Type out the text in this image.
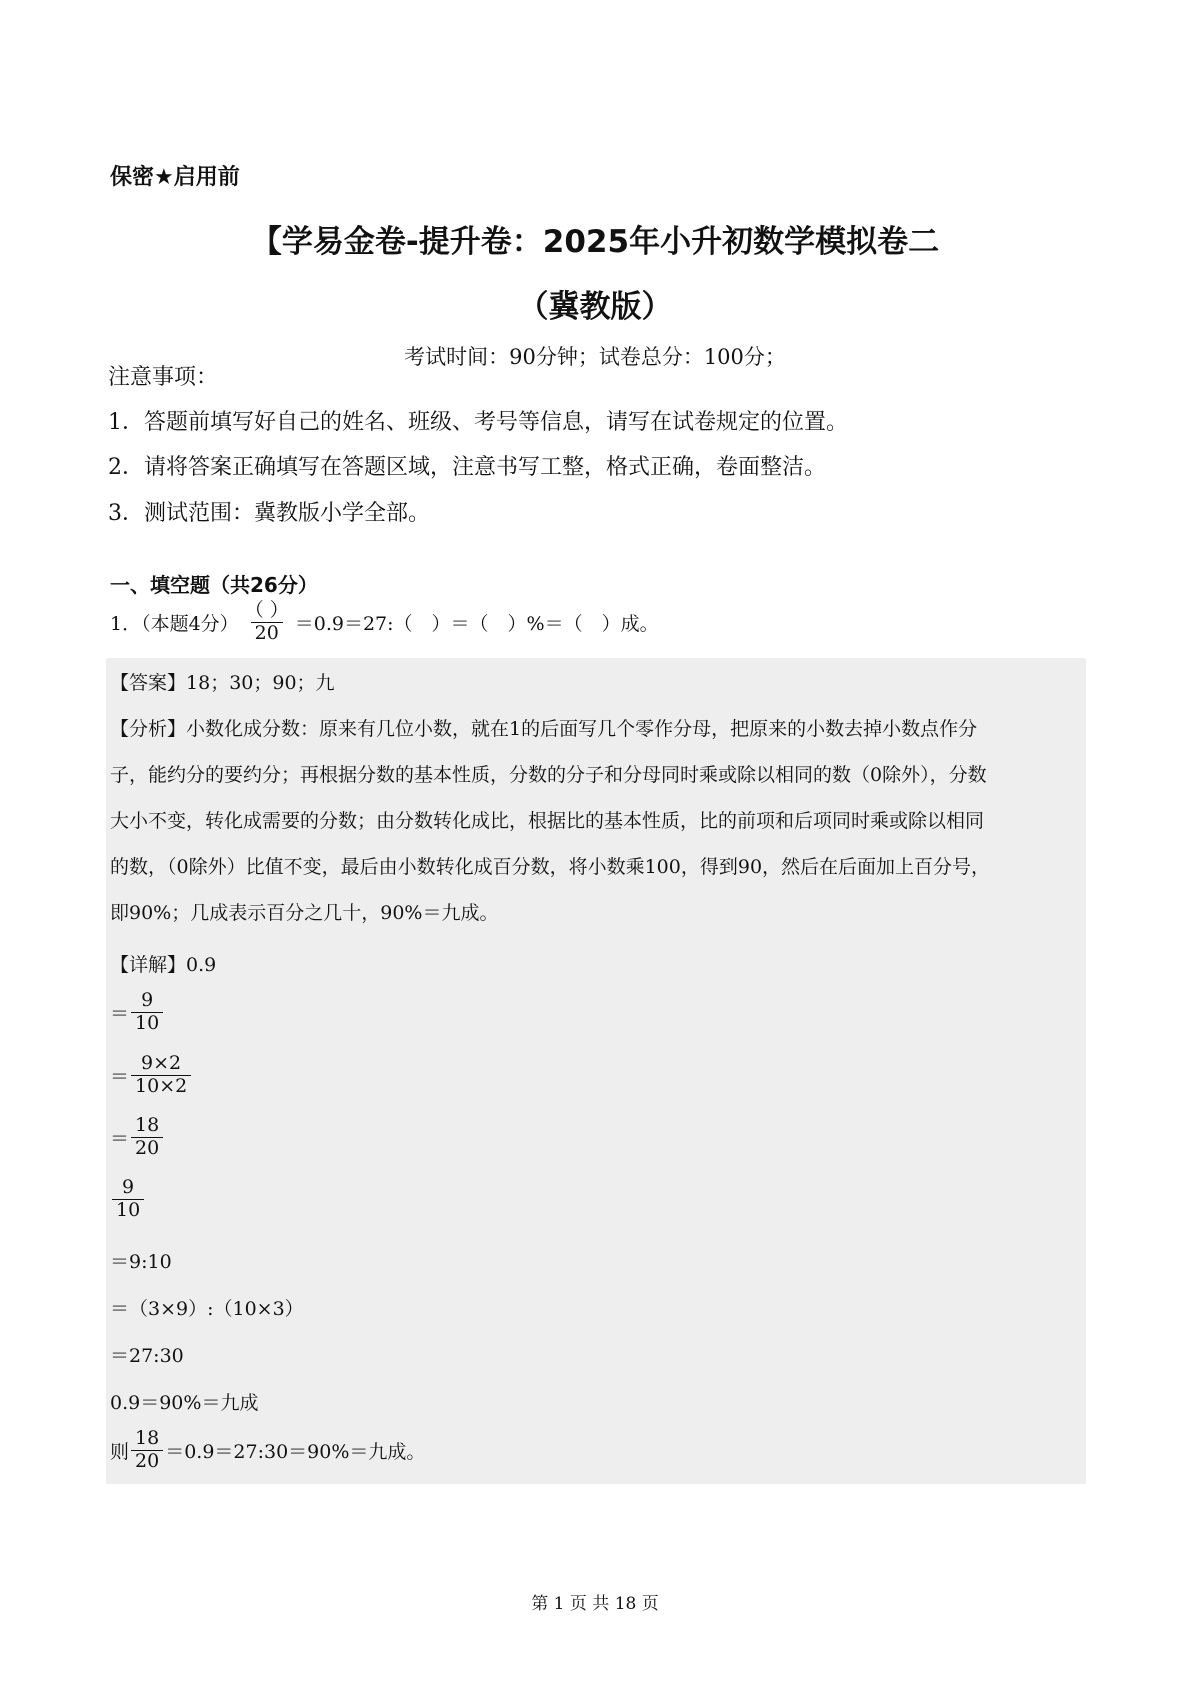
保密★启用前
【学易金卷-提升卷：2025年小升初数学模拟卷二
（冀教版）
考试时间：90分钟；试卷总分：100分；
注意事项：
1．答题前填写好自己的姓名、班级、考号等信息，请写在试卷规定的位置。
2．请将答案正确填写在答题区域，注意书写工整，格式正确，卷面整洁。
3．测试范围：冀教版小学全部。
一、填空题（共26分）
1．（本题4分） $\frac{( )}{20}$ ＝0.9＝27:（　）＝（　）%＝（　）成。
【答案】18；30；90；九
【分析】小数化成分数：原来有几位小数，就在1的后面写几个零作分母，把原来的小数去掉小数点作分
子，能约分的要约分；再根据分数的基本性质，分数的分子和分母同时乘或除以相同的数（0除外），分数
大小不变，转化成需要的分数；由分数转化成比，根据比的基本性质，比的前项和后项同时乘或除以相同
的数，（0除外）比值不变，最后由小数转化成百分数，将小数乘100，得到90，然后在后面加上百分号，
即90%；几成表示百分之几十，90%＝九成。
【详解】0.9
＝ $\frac{9}{10}$
＝ $\frac{9\times 2}{10\times 2}$
＝ $\frac{18}{20}$
$\frac{9}{10}$
＝9:10
＝（3×9）:（10×3）
＝27:30
0.9＝90%＝九成
则 $\frac{18}{20}$ ＝0.9＝27:30＝90%＝九成。
第 1 页 共 18 页
